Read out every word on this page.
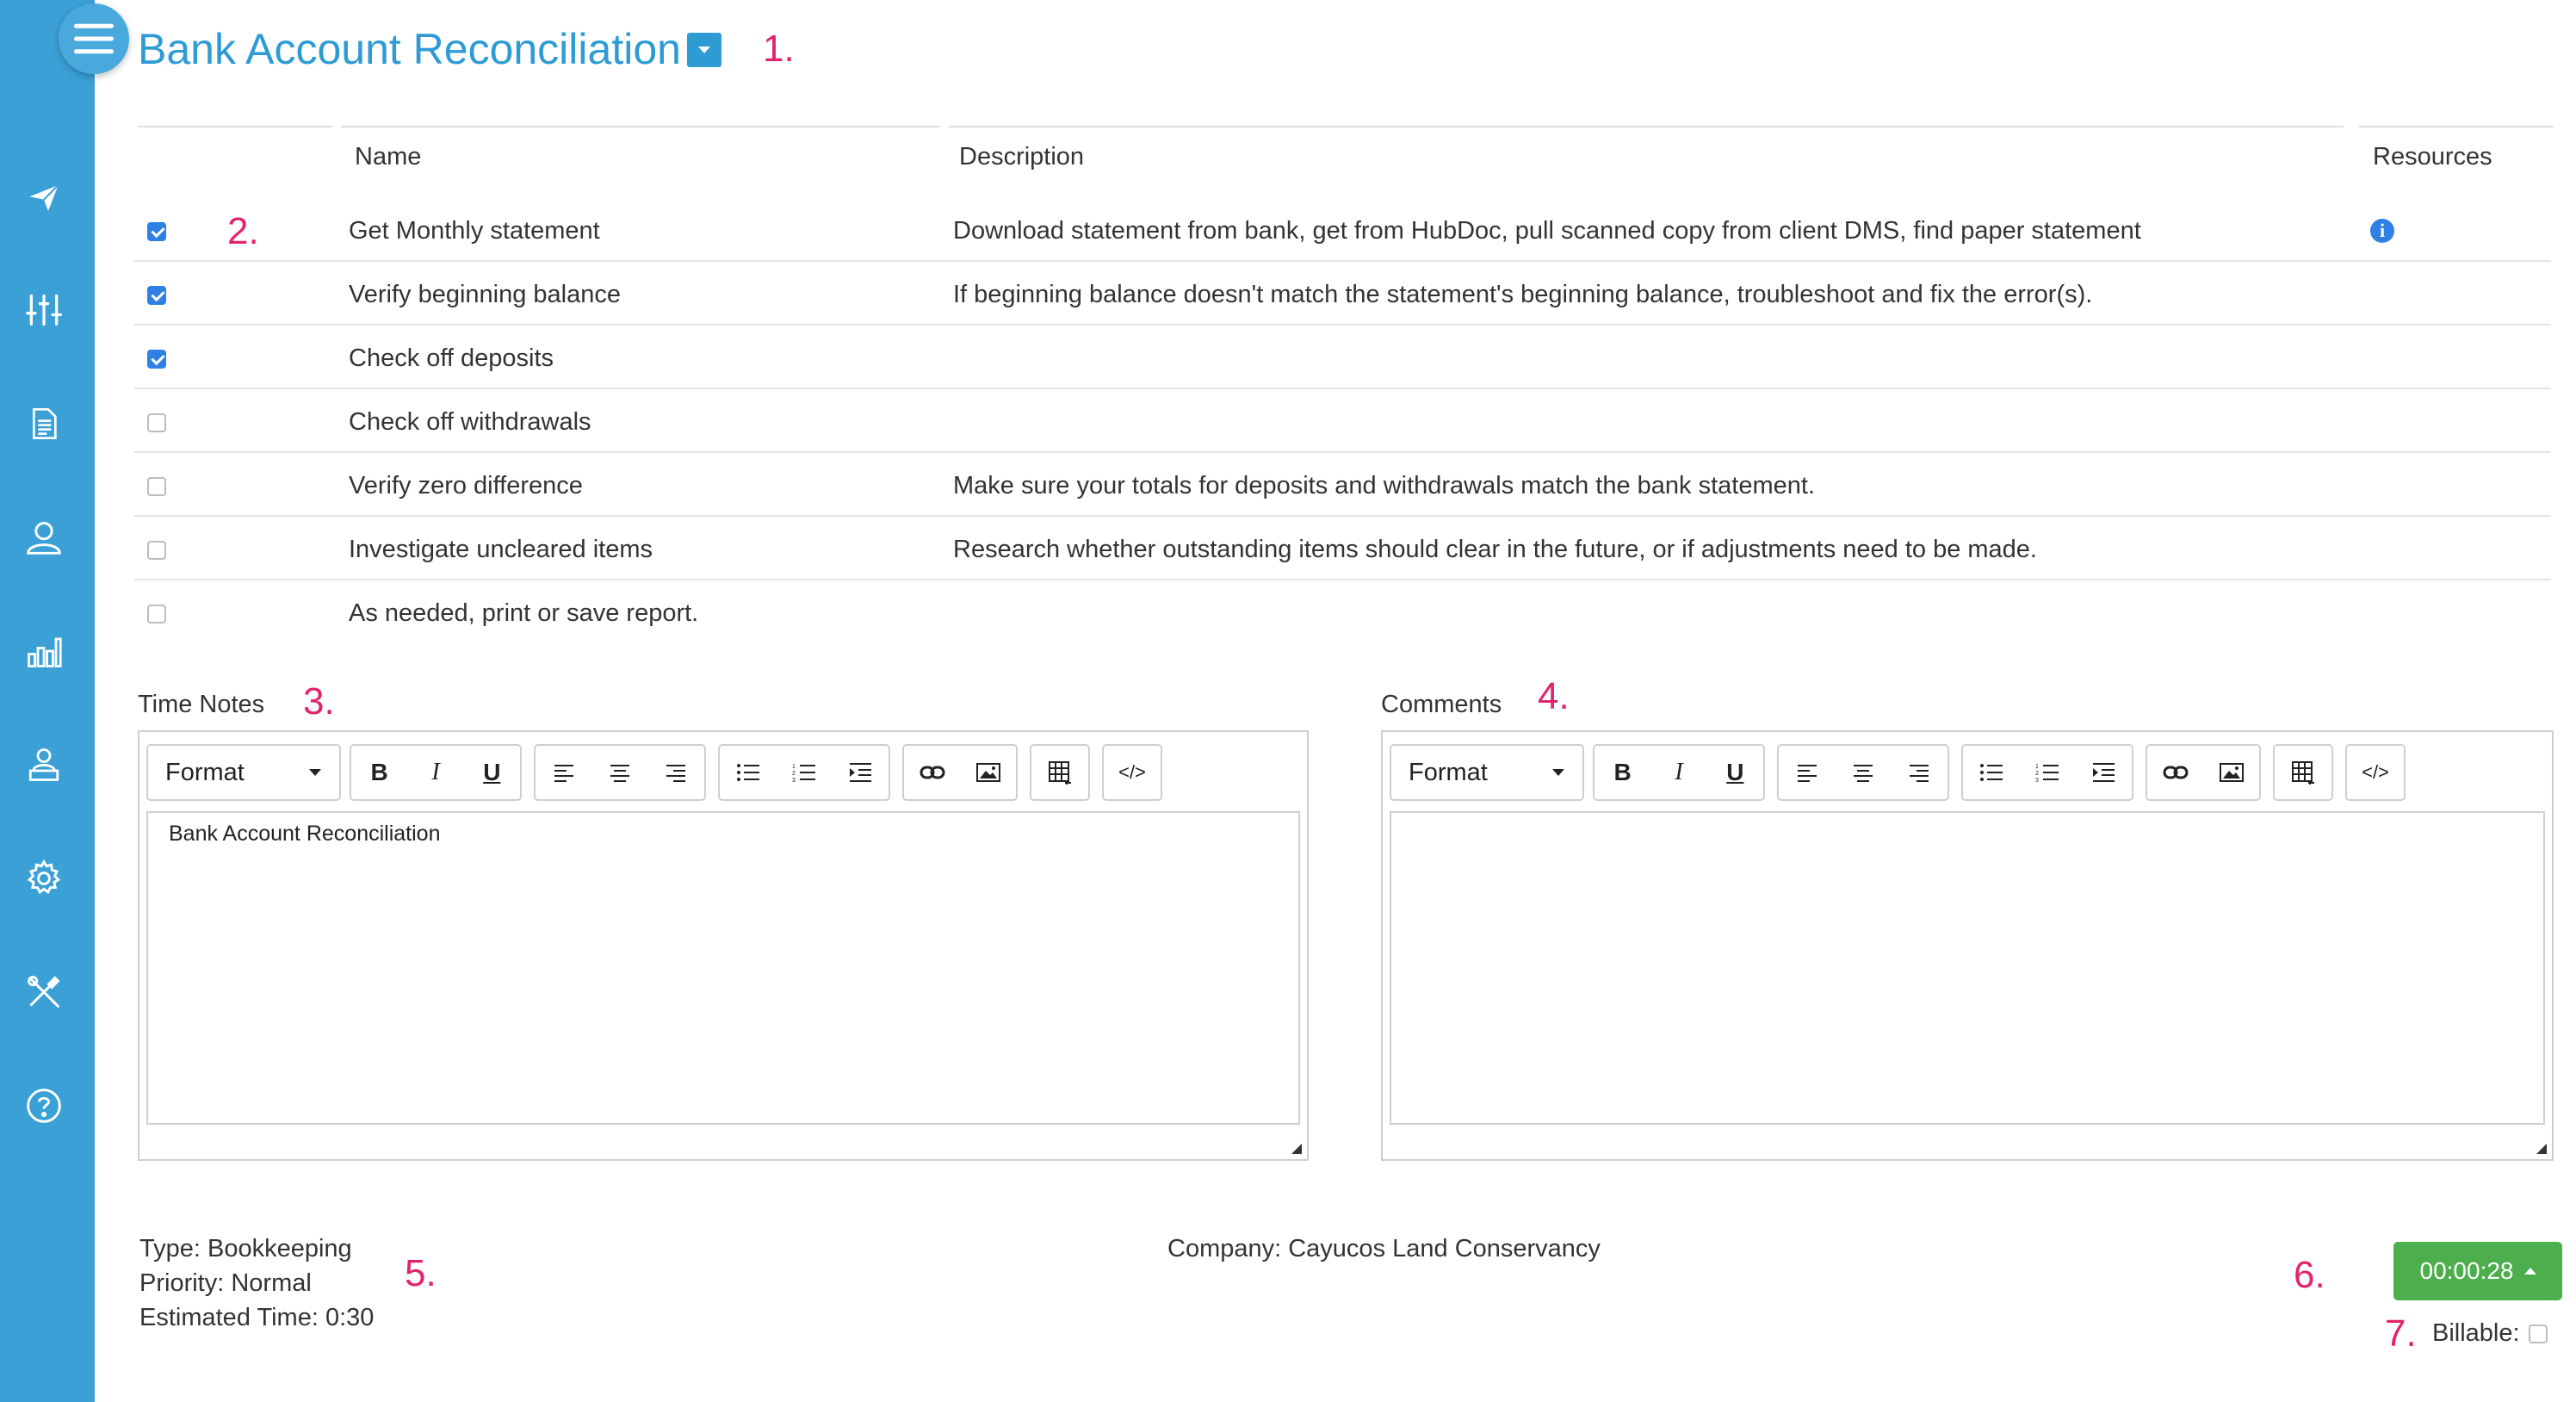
Bank Account Reconciliation 1.
Name	Description	Resources
Get Monthly statement	Download statement from bank, get from HubDoc, pull scanned copy from client DMS, find paper statement	i
Verify beginning balance	If beginning balance doesn't match the statement's beginning balance, troubleshoot and fix the error(s).
Check off deposits
Check off withdrawals
Verify zero difference	Make sure your totals for deposits and withdrawals match the bank statement.
Investigate uncleared items	Research whether outstanding items should clear in the future, or if adjustments need to be made.
As needed, print or save report.
2.
Time Notes 3.
Format	B	I	U	1
2
3	</>
Bank Account Reconciliation
Comments 4.
Format	B	I	U	1
2
3	</>
Type: Bookkeeping
Priority: Normal
Estimated Time: 0:30
5.
Company: Cayucos Land Conservancy
6.	00:00:28
7. Billable:
